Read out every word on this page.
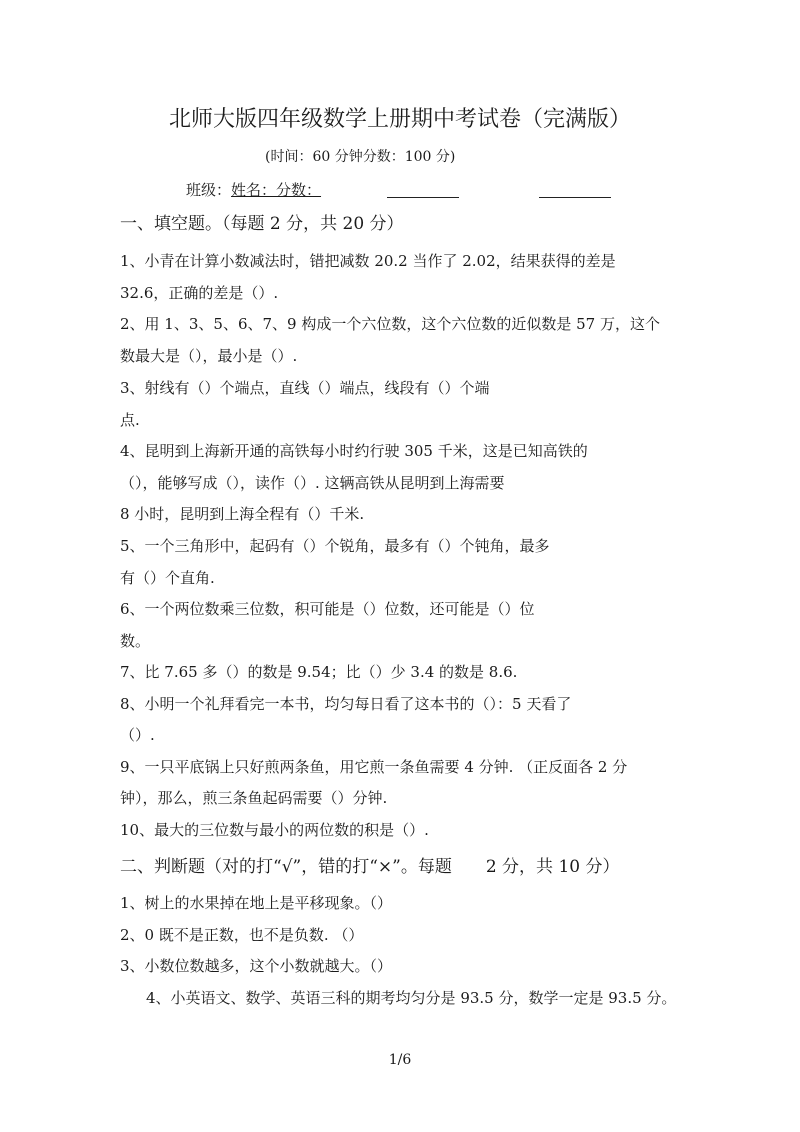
北师大版四年级数学上册期中考试卷（完满版）
(时间：60 分钟分数：100 分)
班级：姓名：分数：
一、填空题。（每题 2 分，共 20 分）
1、小青在计算小数减法时，错把减数 20.2 当作了 2.02，结果获得的差是
32.6，正确的差是（）.
2、用 1、3、5、6、7、9 构成一个六位数，这个六位数的近似数是 57 万，这个
数最大是（），最小是（）.
3、射线有（）个端点，直线（）端点，线段有（）个端
点.
4、昆明到上海新开通的高铁每小时约行驶 305 千米，这是已知高铁的
（），能够写成（），读作（）. 这辆高铁从昆明到上海需要
8 小时，昆明到上海全程有（）千米.
5、一个三角形中，起码有（）个锐角，最多有（）个钝角，最多
有（）个直角.
6、一个两位数乘三位数，积可能是（）位数，还可能是（）位
数。
7、比 7.65 多（）的数是 9.54；比（）少 3.4 的数是 8.6.
8、小明一个礼拜看完一本书，均匀每日看了这本书的（）：5 天看了
（）.
9、一只平底锅上只好煎两条鱼，用它煎一条鱼需要 4 分钟. （正反面各 2 分
钟），那么，煎三条鱼起码需要（）分钟.
10、最大的三位数与最小的两位数的积是（）.
二、判断题（对的打“√”，错的打“×”。每题　　2 分，共 10 分）
1、树上的水果掉在地上是平移现象。（）
2、0 既不是正数，也不是负数. （）
3、小数位数越多，这个小数就越大。（）
4、小英语文、数学、英语三科的期考均匀分是 93.5 分，数学一定是 93.5 分。
1/6
